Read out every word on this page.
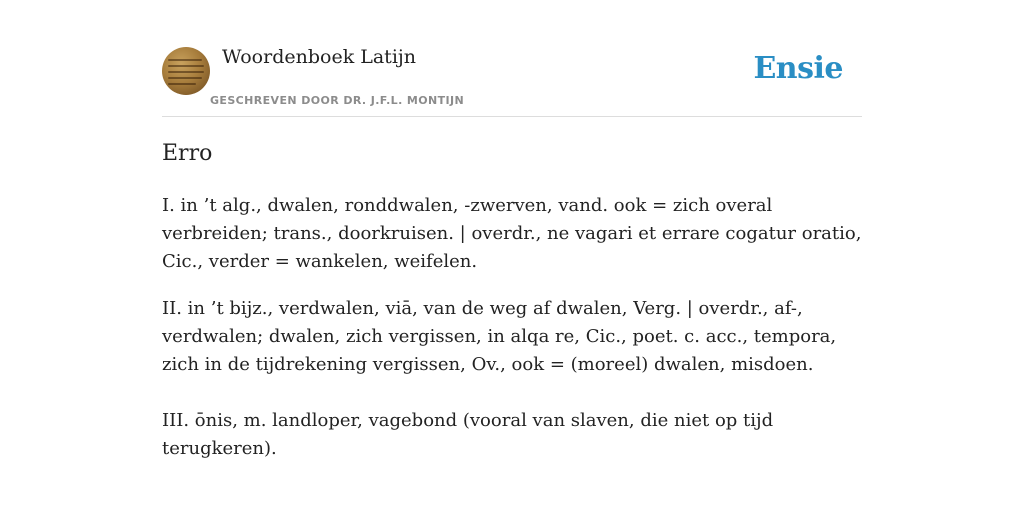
Woordenboek Latijn
GESCHREVEN DOOR DR. J.F.L. MONTIJN
Ensie
Erro

I. in ’t alg., dwalen, ronddwalen, -zwerven, vand. ook = zich overal verbreiden; trans., doorkruisen. | overdr., ne vagari et errare cogatur oratio, Cic., verder = wankelen, weifelen.

II. in ’t bijz., verdwalen, viā, van de weg af dwalen, Verg. | overdr., af-, verdwalen; dwalen, zich vergissen, in alqa re, Cic., poet. c. acc., tempora, zich in de tijdrekening vergissen, Ov., ook = (moreel) dwalen, misdoen.

III. ōnis, m. landloper, vagebond (vooral van slaven, die niet op tijd terugkeren).
